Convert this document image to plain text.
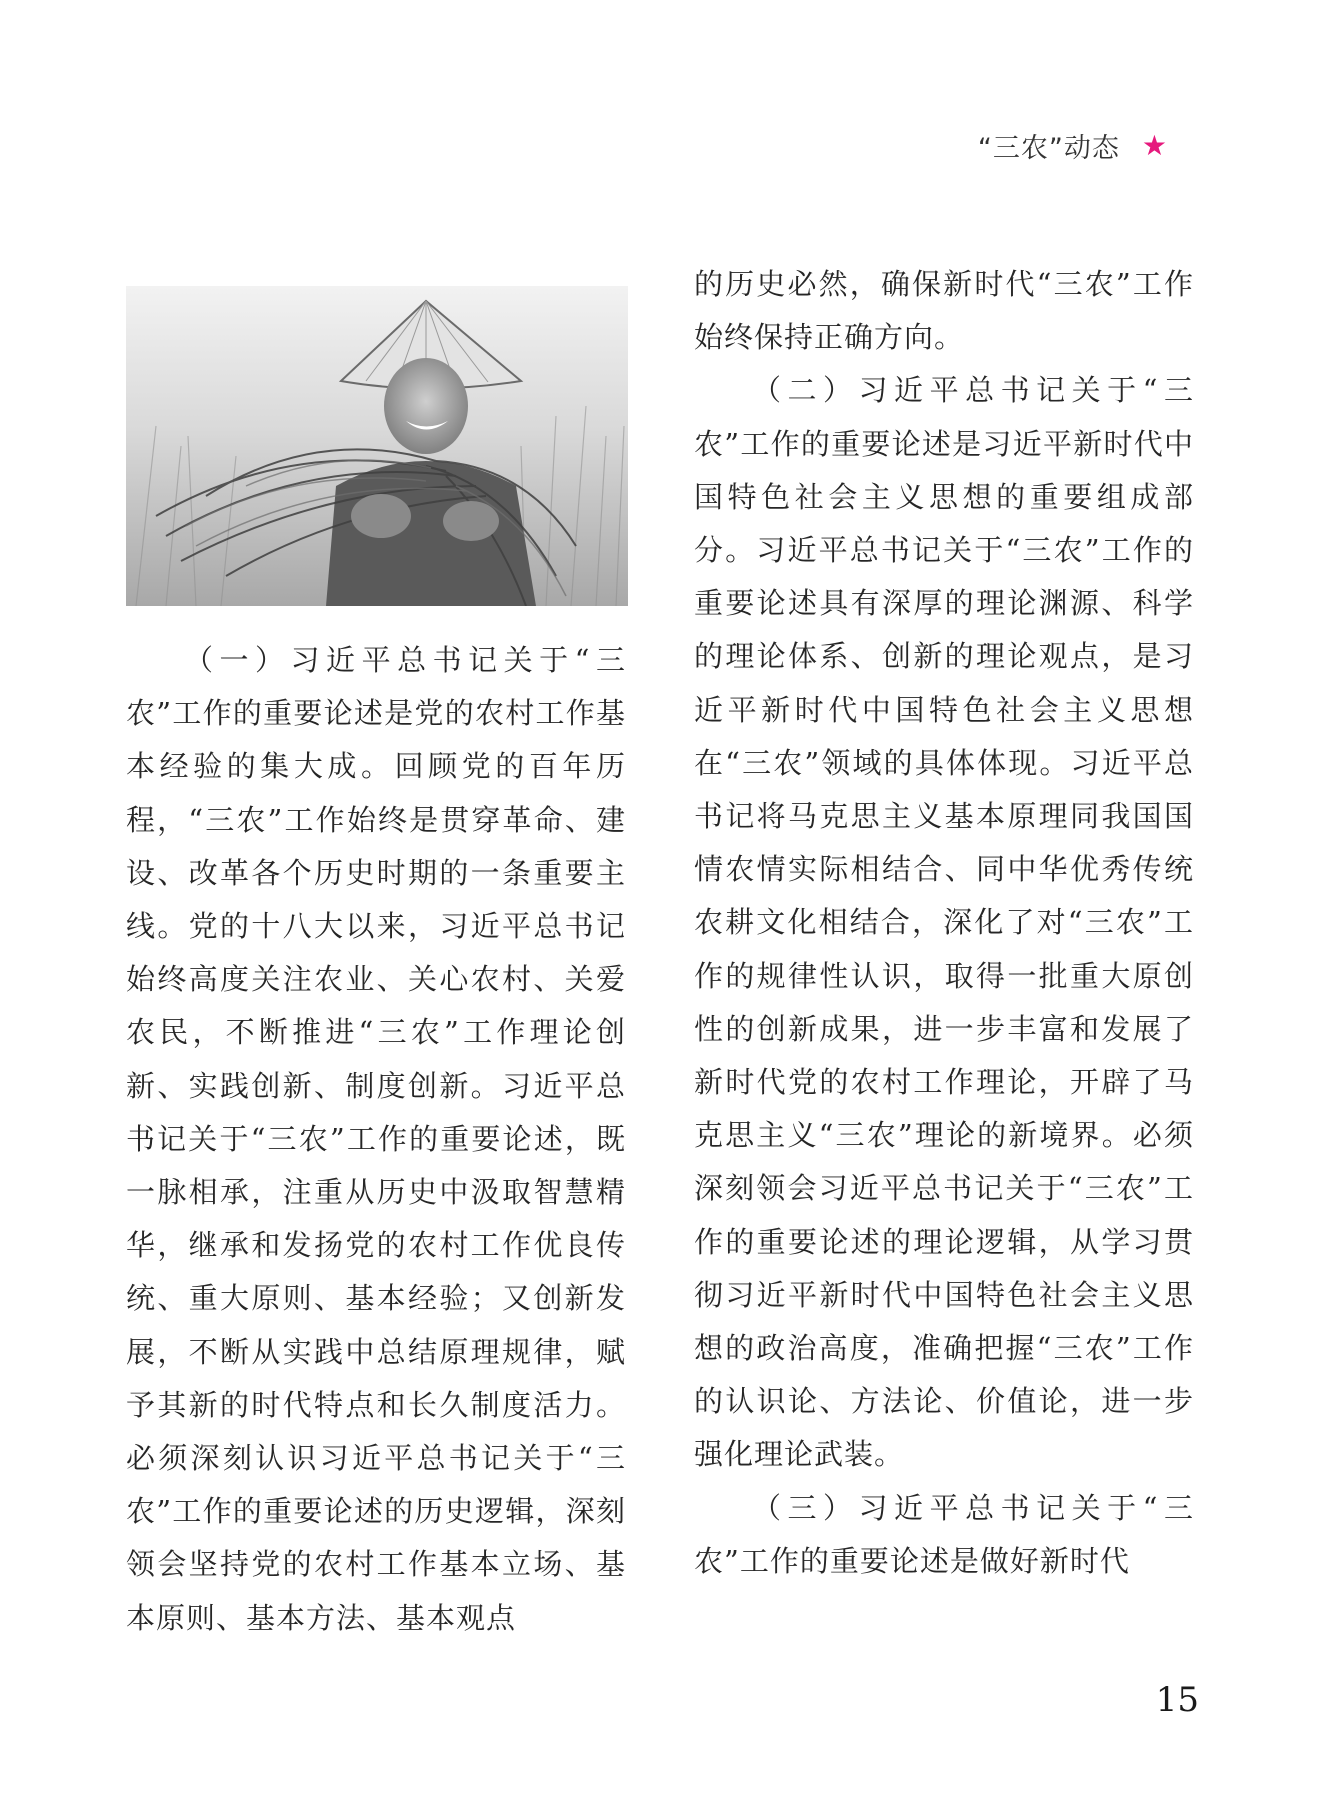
“三农”动态 ★

（一）习近平总书记关于“三农”工作的重要论述是党的农村工作基本经验的集大成。回顾党的百年历程，“三农”工作始终是贯穿革命、建设、改革各个历史时期的一条重要主线。党的十八大以来，习近平总书记始终高度关注农业、关心农村、关爱农民，不断推进“三农”工作理论创新、实践创新、制度创新。习近平总书记关于“三农”工作的重要论述，既一脉相承，注重从历史中汲取智慧精华，继承和发扬党的农村工作优良传统、重大原则、基本经验；又创新发展，不断从实践中总结原理规律，赋予其新的时代特点和长久制度活力。必须深刻认识习近平总书记关于“三农”工作的重要论述的历史逻辑，深刻领会坚持党的农村工作基本立场、基本原则、基本方法、基本观点

的历史必然，确保新时代“三农”工作始终保持正确方向。

（二）习近平总书记关于“三农”工作的重要论述是习近平新时代中国特色社会主义思想的重要组成部分。习近平总书记关于“三农”工作的重要论述具有深厚的理论渊源、科学的理论体系、创新的理论观点，是习近平新时代中国特色社会主义思想在“三农”领域的具体体现。习近平总书记将马克思主义基本原理同我国国情农情实际相结合、同中华优秀传统农耕文化相结合，深化了对“三农”工作的规律性认识，取得一批重大原创性的创新成果，进一步丰富和发展了新时代党的农村工作理论，开辟了马克思主义“三农”理论的新境界。必须深刻领会习近平总书记关于“三农”工作的重要论述的理论逻辑，从学习贯彻习近平新时代中国特色社会主义思想的政治高度，准确把握“三农”工作的认识论、方法论、价值论，进一步强化理论武装。

（三）习近平总书记关于“三农”工作的重要论述是做好新时代

15
